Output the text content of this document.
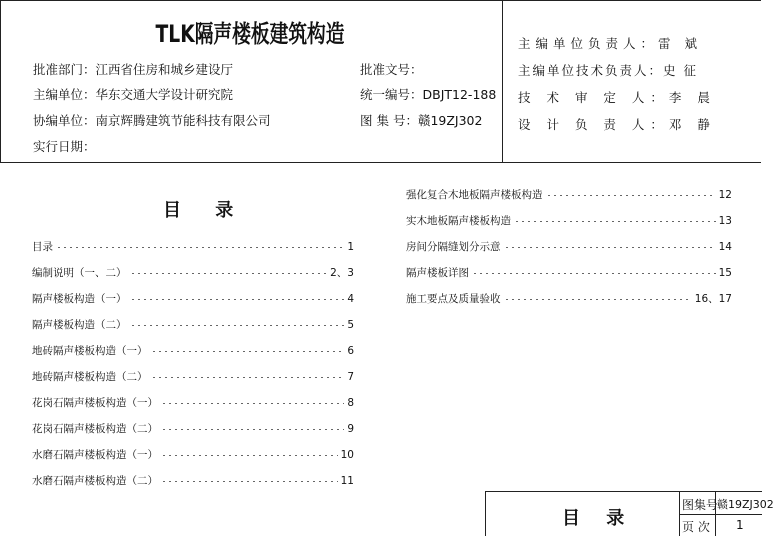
TLK隔声楼板建筑构造
批准部门：江西省住房和城乡建设厅
主编单位：华东交通大学设计研究院
协编单位：南京辉腾建筑节能科技有限公司
实行日期：
批准文号：
统一编号：DBJT12-188
图 集 号：赣19ZJ302
主编单位负责人：雷 斌
主编单位技术负责人：史 征
技 术 审 定 人：李 晨
设 计 负 责 人：邓 静
目 录
目录	1
编制说明（一、二）	2、3
隔声楼板构造（一）	4
隔声楼板构造（二）	5
地砖隔声楼板构造（一）	6
地砖隔声楼板构造（二）	7
花岗石隔声楼板构造（一）	8
花岗石隔声楼板构造（二）	9
水磨石隔声楼板构造（一）	10
水磨石隔声楼板构造（二）	11
强化复合木地板隔声楼板构造	12
实木地板隔声楼板构造	13
房间分隔缝划分示意	14
隔声楼板详图	15
施工要点及质量验收	16、17
目 录
图集号
赣19ZJ302
页 次 1
